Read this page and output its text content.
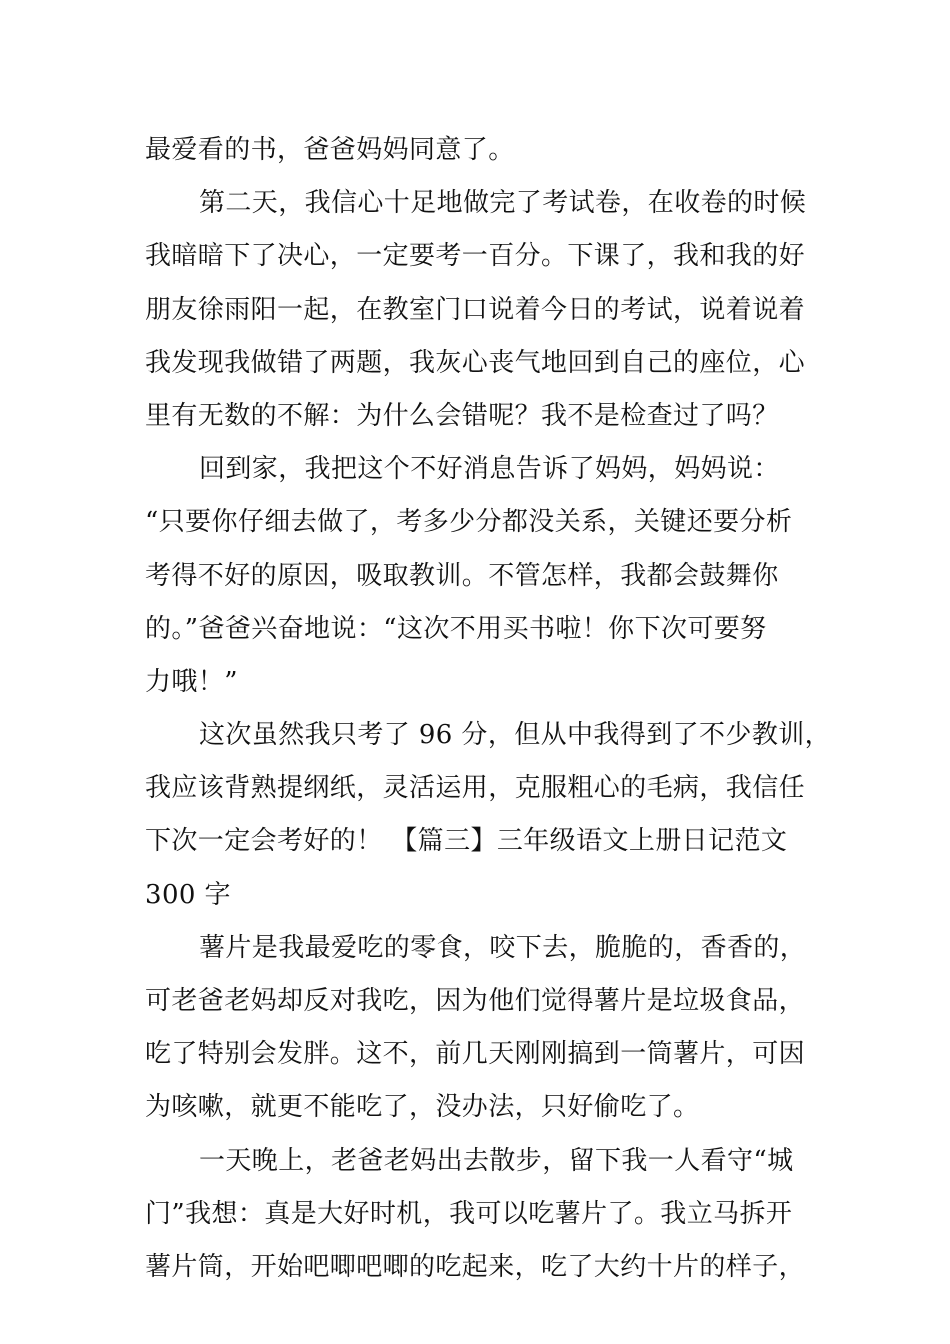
最爱看的书，爸爸妈妈同意了。
第二天，我信心十足地做完了考试卷，在收卷的时候
我暗暗下了决心，一定要考一百分。下课了，我和我的好
朋友徐雨阳一起，在教室门口说着今日的考试，说着说着
我发现我做错了两题，我灰心丧气地回到自己的座位，心
里有无数的不解：为什么会错呢？我不是检查过了吗？
回到家，我把这个不好消息告诉了妈妈，妈妈说：
“只要你仔细去做了，考多少分都没关系，关键还要分析
考得不好的原因，吸取教训。不管怎样，我都会鼓舞你
的。”爸爸兴奋地说：“这次不用买书啦！你下次可要努
力哦！”
这次虽然我只考了 96 分，但从中我得到了不少教训，
我应该背熟提纲纸，灵活运用，克服粗心的毛病，我信任
下次一定会考好的！ 【篇三】三年级语文上册日记范文
300 字
薯片是我最爱吃的零食，咬下去，脆脆的，香香的，
可老爸老妈却反对我吃，因为他们觉得薯片是垃圾食品，
吃了特别会发胖。这不，前几天刚刚搞到一筒薯片，可因
为咳嗽，就更不能吃了，没办法，只好偷吃了。
一天晚上，老爸老妈出去散步，留下我一人看守“城
门”我想：真是大好时机，我可以吃薯片了。我立马拆开
薯片筒，开始吧唧吧唧的吃起来，吃了大约十片的样子，
